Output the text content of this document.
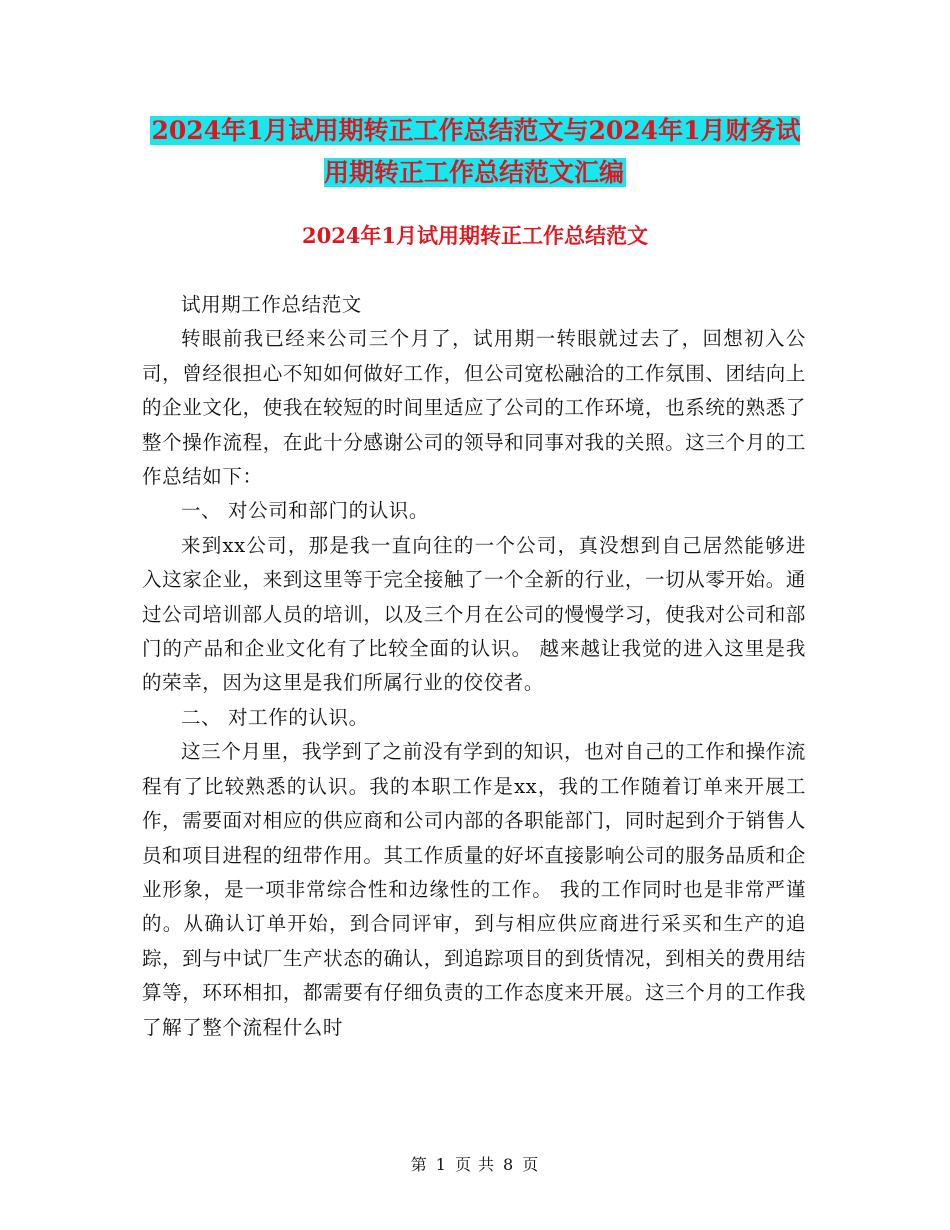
2024年1月试用期转正工作总结范文与2024年1月财务试用期转正工作总结范文汇编
2024年1月试用期转正工作总结范文

试用期工作总结范文

转眼前我已经来公司三个月了，试用期一转眼就过去了，回想初入公司，曾经很担心不知如何做好工作，但公司宽松融洽的工作氛围、团结向上的企业文化，使我在较短的时间里适应了公司的工作环境，也系统的熟悉了整个操作流程，在此十分感谢公司的领导和同事对我的关照。这三个月的工作总结如下：

一、 对公司和部门的认识。

来到xx公司，那是我一直向往的一个公司，真没想到自己居然能够进入这家企业，来到这里等于完全接触了一个全新的行业，一切从零开始。通过公司培训部人员的培训，以及三个月在公司的慢慢学习，使我对公司和部门的产品和企业文化有了比较全面的认识。 越来越让我觉的进入这里是我的荣幸，因为这里是我们所属行业的佼佼者。

二、 对工作的认识。

这三个月里，我学到了之前没有学到的知识，也对自己的工作和操作流程有了比较熟悉的认识。我的本职工作是xx，我的工作随着订单来开展工作，需要面对相应的供应商和公司内部的各职能部门，同时起到介于销售人员和项目进程的纽带作用。其工作质量的好坏直接影响公司的服务品质和企业形象，是一项非常综合性和边缘性的工作。 我的工作同时也是非常严谨的。从确认订单开始，到合同评审，到与相应供应商进行采买和生产的追踪，到与中试厂生产状态的确认，到追踪项目的到货情况，到相关的费用结算等，环环相扣，都需要有仔细负责的工作态度来开展。这三个月的工作我了解了整个流程什么时

第 1 页 共 8 页
